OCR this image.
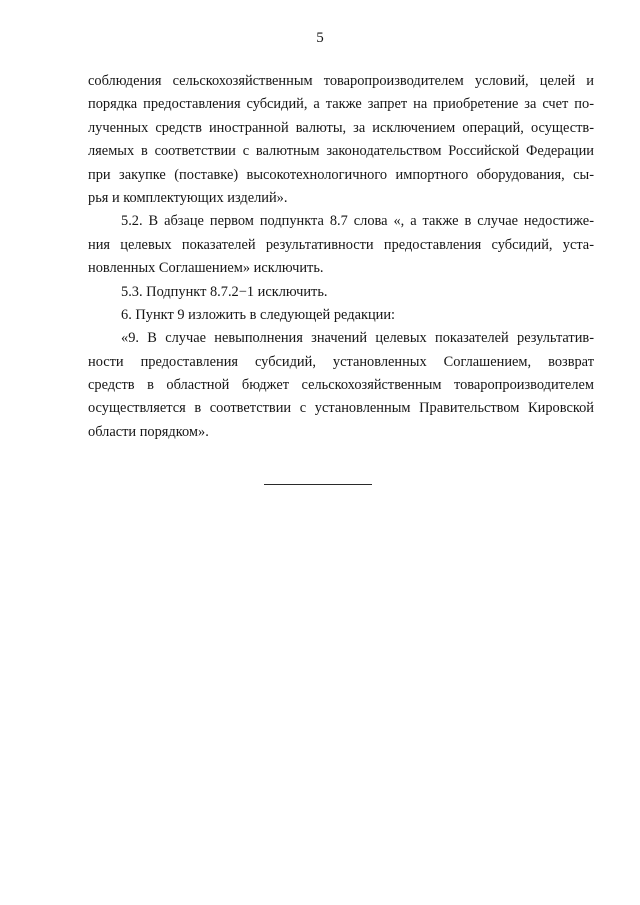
5
соблюдения сельскохозяйственным товаропроизводителем условий, целей и
порядка предоставления субсидий, а также запрет на приобретение за счет по-
лученных средств иностранной валюты, за исключением операций, осуществ-
ляемых в соответствии с валютным законодательством Российской Федерации
при закупке (поставке) высокотехнологичного импортного оборудования, сы-
рья и комплектующих изделий».
5.2. В абзаце первом подпункта 8.7 слова «, а также в случае недостиже-
ния целевых показателей результативности предоставления субсидий, уста-
новленных Соглашением» исключить.
5.3. Подпункт 8.7.2−1 исключить.
6. Пункт 9 изложить в следующей редакции:
«9. В случае невыполнения значений целевых показателей результатив-
ности предоставления субсидий, установленных Соглашением, возврат
средств в областной бюджет сельскохозяйственным товаропроизводителем
осуществляется в соответствии с установленным Правительством Кировской
области порядком».
